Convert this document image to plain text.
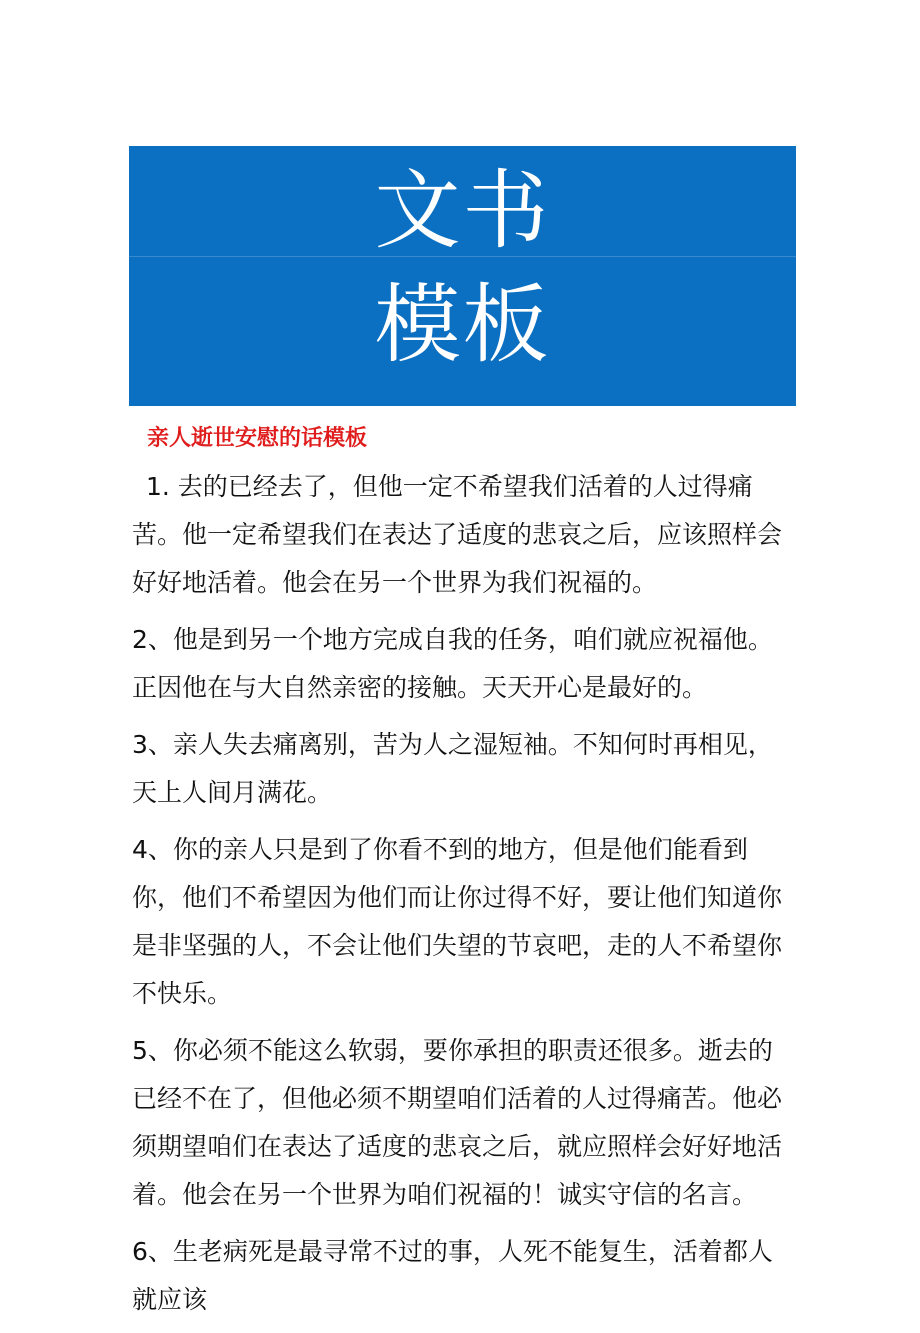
文书
模板
亲人逝世安慰的话模板

1. 去的已经去了，但他一定不希望我们活着的人过得痛苦。他一定希望我们在表达了适度的悲哀之后，应该照样会好好地活着。他会在另一个世界为我们祝福的。

2、他是到另一个地方完成自我的任务，咱们就应祝福他。正因他在与大自然亲密的接触。天天开心是最好的。

3、亲人失去痛离别，苦为人之湿短袖。不知何时再相见，天上人间月满花。

4、你的亲人只是到了你看不到的地方，但是他们能看到你，他们不希望因为他们而让你过得不好，要让他们知道你是非坚强的人，不会让他们失望的节哀吧，走的人不希望你不快乐。

5、你必须不能这么软弱，要你承担的职责还很多。逝去的已经不在了，但他必须不期望咱们活着的人过得痛苦。他必须期望咱们在表达了适度的悲哀之后，就应照样会好好地活着。他会在另一个世界为咱们祝福的！诚实守信的名言。

6、生老病死是最寻常不过的事，人死不能复生，活着都人就应该
